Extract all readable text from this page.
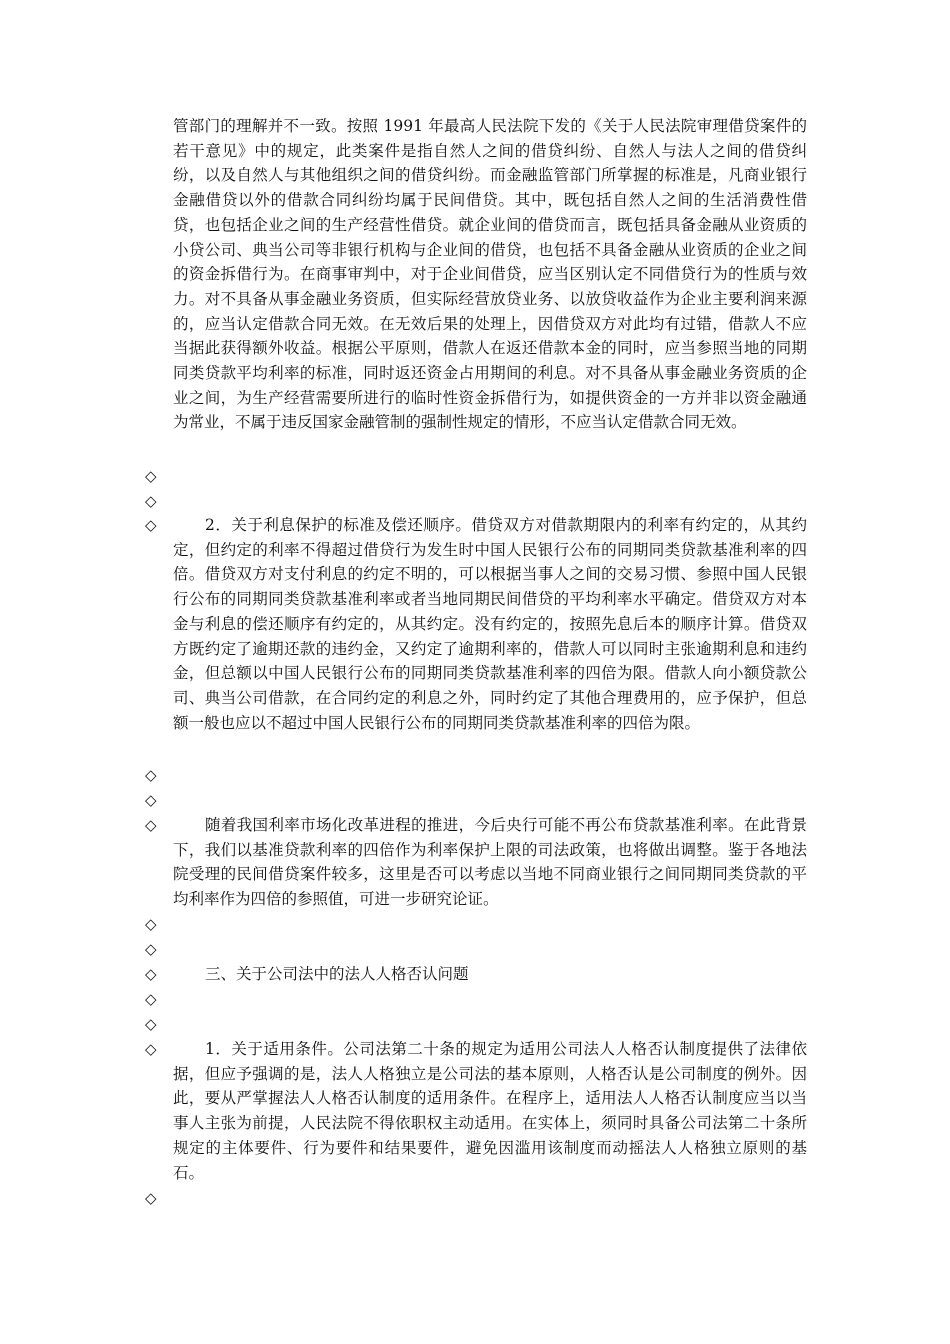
管部门的理解并不一致。按照 1991 年最高人民法院下发的《关于人民法院审理借贷案件的若干意见》中的规定，此类案件是指自然人之间的借贷纠纷、自然人与法人之间的借贷纠纷，以及自然人与其他组织之间的借贷纠纷。而金融监管部门所掌握的标准是，凡商业银行金融借贷以外的借款合同纠纷均属于民间借贷。其中，既包括自然人之间的生活消费性借贷，也包括企业之间的生产经营性借贷。就企业间的借贷而言，既包括具备金融从业资质的小贷公司、典当公司等非银行机构与企业间的借贷，也包括不具备金融从业资质的企业之间的资金拆借行为。在商事审判中，对于企业间借贷，应当区别认定不同借贷行为的性质与效力。对不具备从事金融业务资质，但实际经营放贷业务、以放贷收益作为企业主要利润来源的，应当认定借款合同无效。在无效后果的处理上，因借贷双方对此均有过错，借款人不应当据此获得额外收益。根据公平原则，借款人在返还借款本金的同时，应当参照当地的同期同类贷款平均利率的标准，同时返还资金占用期间的利息。对不具备从事金融业务资质的企业之间，为生产经营需要所进行的临时性资金拆借行为，如提供资金的一方并非以资金融通为常业，不属于违反国家金融管制的强制性规定的情形，不应当认定借款合同无效。

◇
◇
◇	2．关于利息保护的标准及偿还顺序。借贷双方对借款期限内的利率有约定的，从其约定，但约定的利率不得超过借贷行为发生时中国人民银行公布的同期同类贷款基准利率的四倍。借贷双方对支付利息的约定不明的，可以根据当事人之间的交易习惯、参照中国人民银行公布的同期同类贷款基准利率或者当地同期民间借贷的平均利率水平确定。借贷双方对本金与利息的偿还顺序有约定的，从其约定。没有约定的，按照先息后本的顺序计算。借贷双方既约定了逾期还款的违约金，又约定了逾期利率的，借款人可以同时主张逾期利息和违约金，但总额以中国人民银行公布的同期同类贷款基准利率的四倍为限。借款人向小额贷款公司、典当公司借款，在合同约定的利息之外，同时约定了其他合理费用的，应予保护，但总额一般也应以不超过中国人民银行公布的同期同类贷款基准利率的四倍为限。

◇
◇
◇	随着我国利率市场化改革进程的推进，今后央行可能不再公布贷款基准利率。在此背景下，我们以基准贷款利率的四倍作为利率保护上限的司法政策，也将做出调整。鉴于各地法院受理的民间借贷案件较多，这里是否可以考虑以当地不同商业银行之间同期同类贷款的平均利率作为四倍的参照值，可进一步研究论证。

◇
◇
◇	三、关于公司法中的法人人格否认问题

◇
◇
◇	1．关于适用条件。公司法第二十条的规定为适用公司法人人格否认制度提供了法律依据，但应予强调的是，法人人格独立是公司法的基本原则，人格否认是公司制度的例外。因此，要从严掌握法人人格否认制度的适用条件。在程序上，适用法人人格否认制度应当以当事人主张为前提，人民法院不得依职权主动适用。在实体上，须同时具备公司法第二十条所规定的主体要件、行为要件和结果要件，避免因滥用该制度而动摇法人人格独立原则的基石。

◇
